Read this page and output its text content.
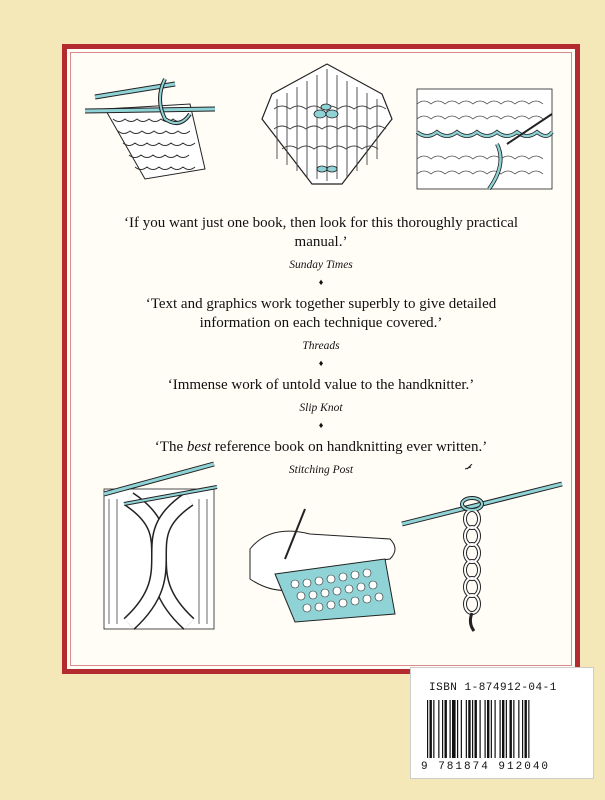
‘If you want just one book, then look for this thoroughly practical manual.’

Sunday Times
♦

‘Text and graphics work together superbly to give detailed information on each technique covered.’

Threads
♦

‘Immense work of untold value to the handknitter.’

Slip Knot
♦

‘The best reference book on handknitting ever written.’

Stitching Post
ISBN 1-874912-04-1
9 781874 912040
